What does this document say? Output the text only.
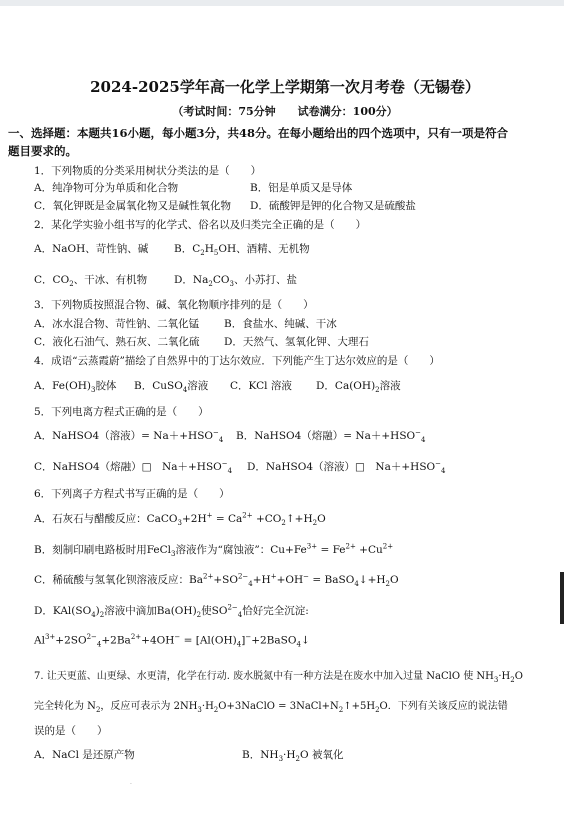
2024-2025学年高一化学上学期第一次月考卷（无锡卷）
（考试时间：75分钟　　试卷满分：100分）
一、选择题：本题共16小题，每小题3分，共48分。在每小题给出的四个选项中，只有一项是符合题目要求的。
1．下列物质的分类采用树状分类法的是（　　）
A．纯净物可分为单质和化合物	B．铝是单质又是导体
C．氧化钾既是金属氧化物又是碱性氧化物 D．硫酸钾是钾的化合物又是硫酸盐
2．某化学实验小组书写的化学式、俗名以及归类完全正确的是（　　）
A．NaOH、苛性钠、碱 B．$C_2H_5OH$、酒精、无机物
C．$CO_2$、干冰、有机物	D．$Na_2CO_3$、小苏打、盐
3．下列物质按照混合物、碱、氧化物顺序排列的是（　　）
A．冰水混合物、苛性钠、二氧化锰 B．食盐水、纯碱、干冰
C．液化石油气、熟石灰、二氧化硫 D．天然气、氢氧化钾、大理石
4．成语“云蒸霞蔚”描绘了自然界中的丁达尔效应．下列能产生丁达尔效应的是（　　）
A．$Fe(OH)_3$胶体 B．CuSO$_4$溶液 C．KCl 溶液 D．$Ca(OH)_2$溶液
5．下列电离方程式正确的是（　　）
A．NaHSO4（溶液）= $Na++HSO^-_4$ B．NaHSO4（熔融）= $Na++HSO^-_4$
C．NaHSO4（熔融）□　$Na++HSO^-_4$ D．NaHSO4（溶液）□　$Na++HSO^-_4$
6．下列离子方程式书写正确的是（　　）
A．石灰石与醋酸反应：CaCO$_3$+2H+ = $Ca^{2+}$ $+CO_2↑+H_2O$
B．刻制印刷电路板时用FeCl$_3$溶液作为“腐蚀液”：$Cu+Fe^{3+} = Fe^{2+} +Cu^{2+}$
C．稀硫酸与氢氧化钡溶液反应：$Ba^{2+}+SO^{2-}_4+H^++OH^-$ = $BaSO_4↓+H_2O$
D．$KAl(SO_4)_2$溶液中滴加$Ba(OH)_2$使$SO^{2-}_4$恰好完全沉淀:
$Al^{3+}+2SO^{2-}_4+2Ba^{2+}+4OH^-$ = $[Al(OH)_4]^-+2BaSO_4↓$
7. 让天更蓝、山更绿、水更清，化学在行动. 废水脱氮中有一种方法是在废水中加入过量 NaClO 使 $NH_3\cdot H_2O$
完全转化为 $N_2$，反应可表示为 $2NH_3\cdot H_2O+3NaClO$ = $3NaCl+N_2↑+5H_2O$．下列有关该反应的说法错
误的是（　　）
A．NaCl 是还原产物	B．$NH_3\cdot H_2O$ 被氧化
.
